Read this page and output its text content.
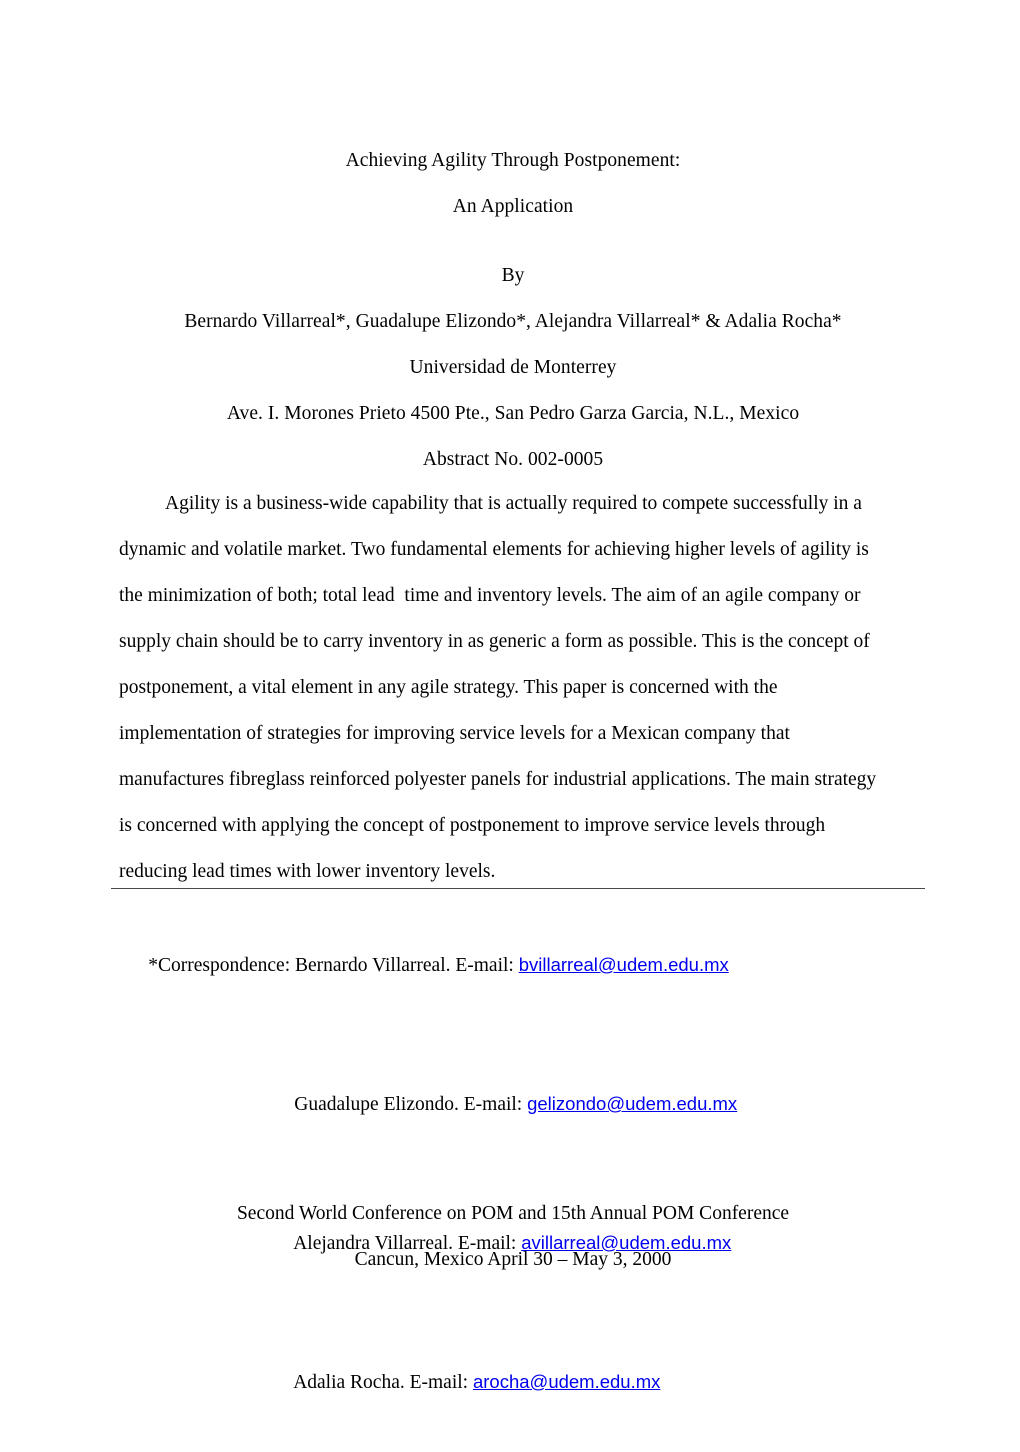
Achieving Agility Through Postponement:
An Application
By
Bernardo Villarreal*, Guadalupe Elizondo*, Alejandra Villarreal* & Adalia Rocha*
Universidad de Monterrey
Ave. I. Morones Prieto 4500 Pte., San Pedro Garza Garcia, N.L., Mexico
Abstract No. 002-0005
Agility is a business-wide capability that is actually required to compete successfully in a
dynamic and volatile market. Two fundamental elements for achieving higher levels of agility is
the minimization of both; total lead  time and inventory levels. The aim of an agile company or
supply chain should be to carry inventory in as generic a form as possible. This is the concept of
postponement, a vital element in any agile strategy. This paper is concerned with the
implementation of strategies for improving service levels for a Mexican company that
manufactures fibreglass reinforced polyester panels for industrial applications. The main strategy
is concerned with applying the concept of postponement to improve service levels through
reducing lead times with lower inventory levels.

*Correspondence: Bernardo Villarreal. E-mail: bvillarreal@udem.edu.mx

Guadalupe Elizondo. E-mail: gelizondo@udem.edu.mx

Alejandra Villarreal. E-mail: avillarreal@udem.edu.mx

Adalia Rocha. E-mail: arocha@udem.edu.mx

Second World Conference on POM and 15th Annual POM Conference
Cancun, Mexico April 30 – May 3, 2000
